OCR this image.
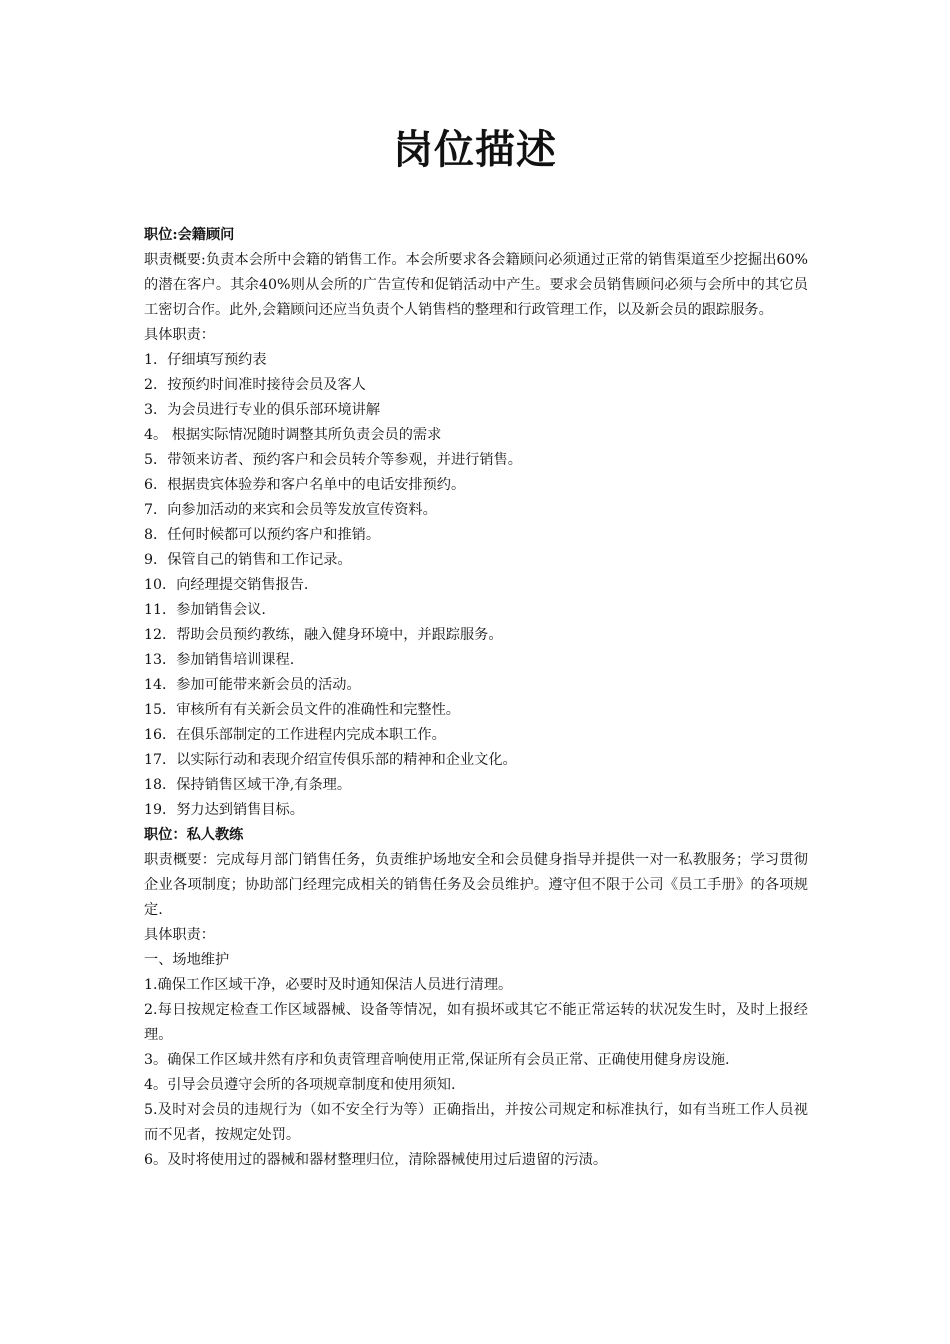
岗位描述

职位:会籍顾问

职责概要:负责本会所中会籍的销售工作。本会所要求各会籍顾问必须通过正常的销售渠道至少挖掘出60%的潜在客户。其余40%则从会所的广告宣传和促销活动中产生。要求会员销售顾问必须与会所中的其它员工密切合作。此外,会籍顾问还应当负责个人销售档的整理和行政管理工作，以及新会员的跟踪服务。

具体职责：

1．仔细填写预约表

2．按预约时间准时接待会员及客人

3．为会员进行专业的俱乐部环境讲解

4。 根据实际情况随时调整其所负责会员的需求

5．带领来访者、预约客户和会员转介等参观，并进行销售。

6．根据贵宾体验券和客户名单中的电话安排预约。

7．向参加活动的来宾和会员等发放宣传资料。

8．任何时候都可以预约客户和推销。

9．保管自己的销售和工作记录。

10．向经理提交销售报告.

11．参加销售会议.

12．帮助会员预约教练，融入健身环境中，并跟踪服务。

13．参加销售培训课程.

14．参加可能带来新会员的活动。

15．审核所有有关新会员文件的准确性和完整性。

16．在俱乐部制定的工作进程内完成本职工作。

17．以实际行动和表现介绍宣传俱乐部的精神和企业文化。

18．保持销售区域干净,有条理。

19．努力达到销售目标。

职位：私人教练

职责概要：完成每月部门销售任务，负责维护场地安全和会员健身指导并提供一对一私教服务；学习贯彻企业各项制度；协助部门经理完成相关的销售任务及会员维护。遵守但不限于公司《员工手册》的各项规定.

具体职责：

一、场地维护

1.确保工作区域干净，必要时及时通知保洁人员进行清理。

2.每日按规定检查工作区域器械、设备等情况，如有损坏或其它不能正常运转的状况发生时，及时上报经理。

3。确保工作区域井然有序和负责管理音响使用正常,保证所有会员正常、正确使用健身房设施.

4。引导会员遵守会所的各项规章制度和使用须知.

5.及时对会员的违规行为（如不安全行为等）正确指出，并按公司规定和标准执行，如有当班工作人员视而不见者，按规定处罚。

6。及时将使用过的器械和器材整理归位，清除器械使用过后遗留的污渍。
